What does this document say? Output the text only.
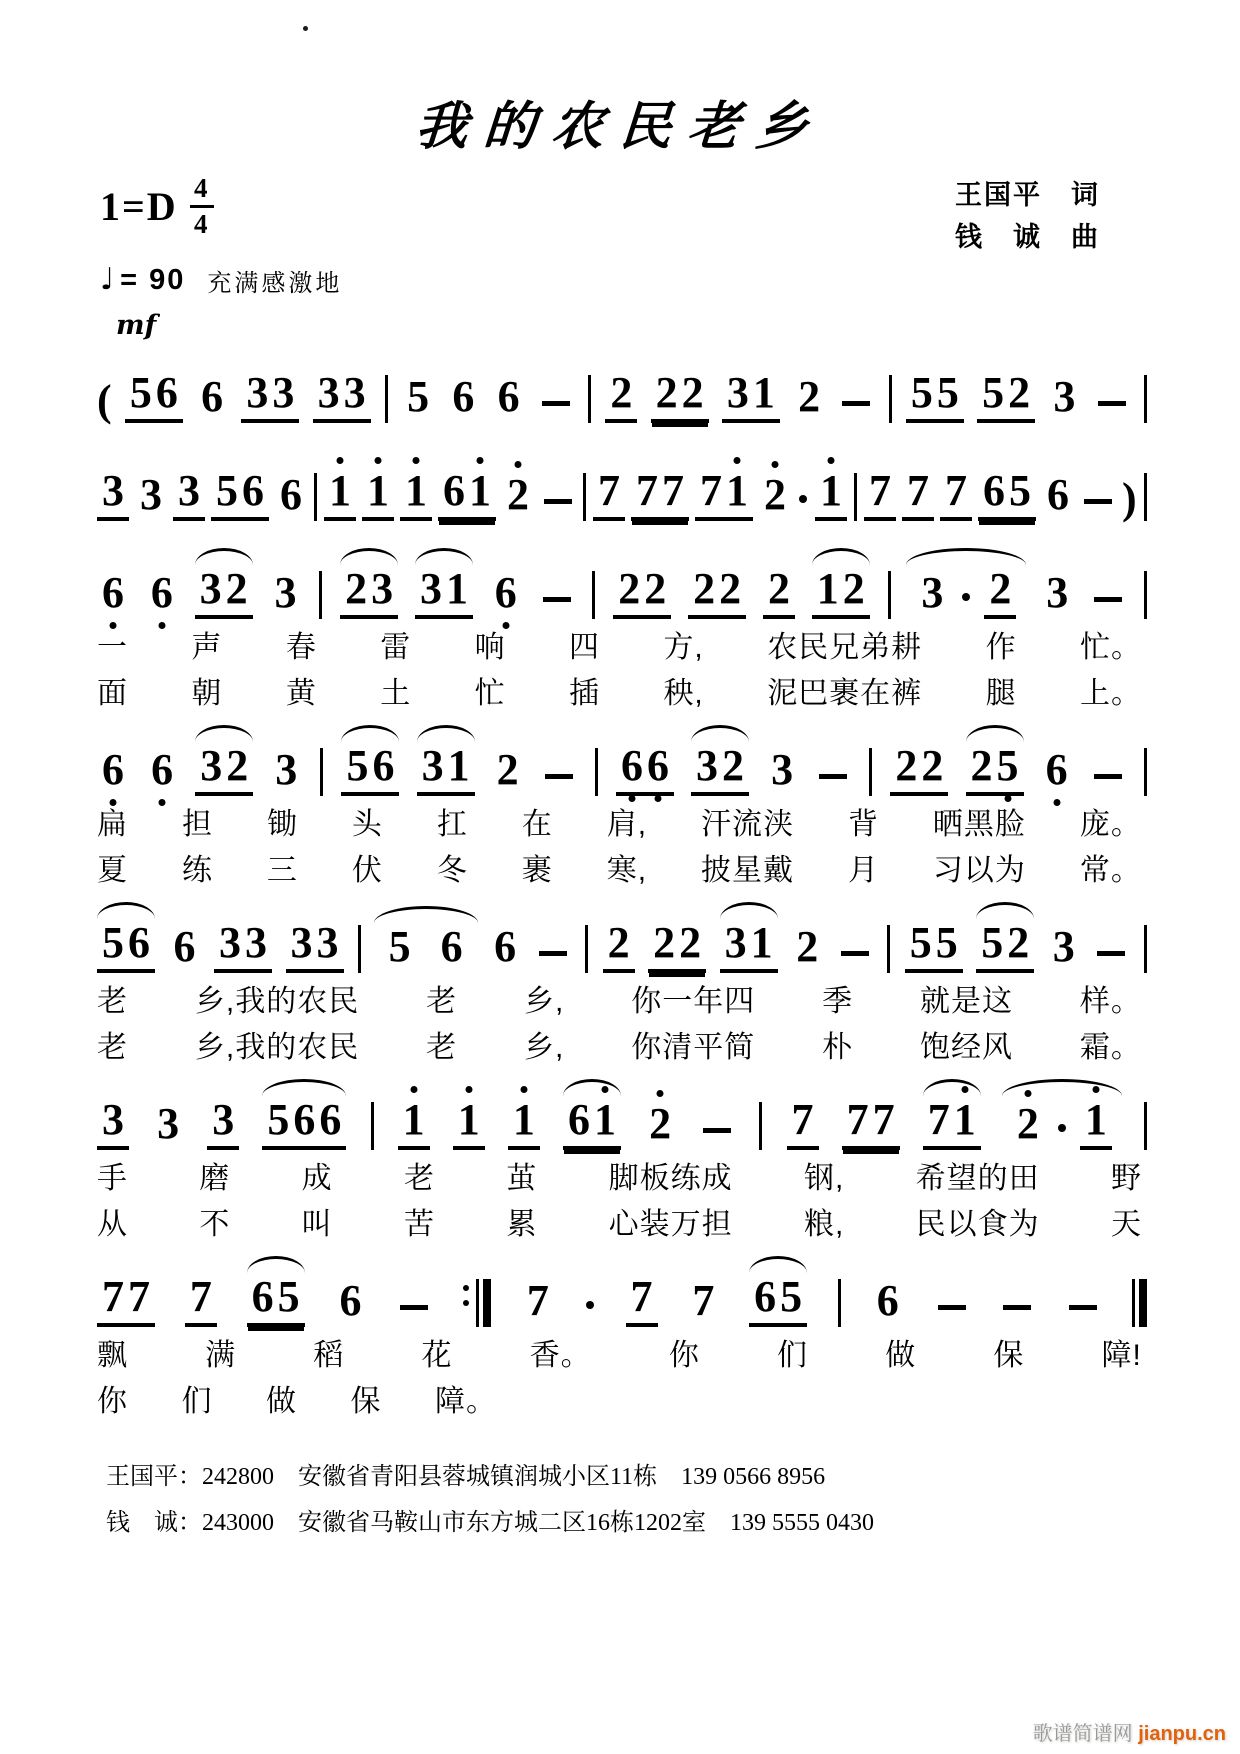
我的农民老乡
$1=D \frac{4}{4}$	王国平　词
钱　诚　曲
♩ = 90 充满感激地
mf
( 5 6 6 3 3 3 3 5 6 6 2 2 2 3 1 2 5 5 5 2 3
3 3 3 5 6 6 1 1 1 6 1 2 7 7 7 7 1 2 1 7 7 7 6 5 6 )
6 6 3 2 3 2 3 3 1 6 2 2 2 2 2 1 2 3 2 3
一 声 春 雷 响 四 方, 农民兄弟耕 作 忙。
面 朝 黄 土 忙 插 秧, 泥巴裹在裤 腿 上。
6 6 3 2 3 5 6 3 1 2 6 6 3 2 3 2 2 2 5 6
扁 担 锄 头 扛 在 肩, 汗流浃 背 晒黑脸 庞。
夏 练 三 伏 冬 裹 寒, 披星戴 月 习以为 常。
5 6 6 3 3 3 3 5 6 6 2 2 2 3 1 2 5 5 5 2 3
老 乡,我的农民 老 乡, 你一年四 季 就是这 样。
老 乡,我的农民 老 乡, 你清平简 朴 饱经风 霜。
3 3 3 5 6 6 1 1 1 6 1 2	7 7 7 7 1 2 1
手 磨 成 老 茧 脚板练成 钢, 希望的田 野
从 不 叫 苦 累 心装万担 粮, 民以食为 天
7 7 7 6 5 6	7 7 7 6 5 6
飘	满	稻	花	香。	你	们	做	保	障!
你 们 做 保 障。
王国平：242800　安徽省青阳县蓉城镇润城小区11栋　139 0566 8956
钱　诚：243000　安徽省马鞍山市东方城二区16栋1202室　139 5555 0430
歌谱简谱网 jianpu.cn
